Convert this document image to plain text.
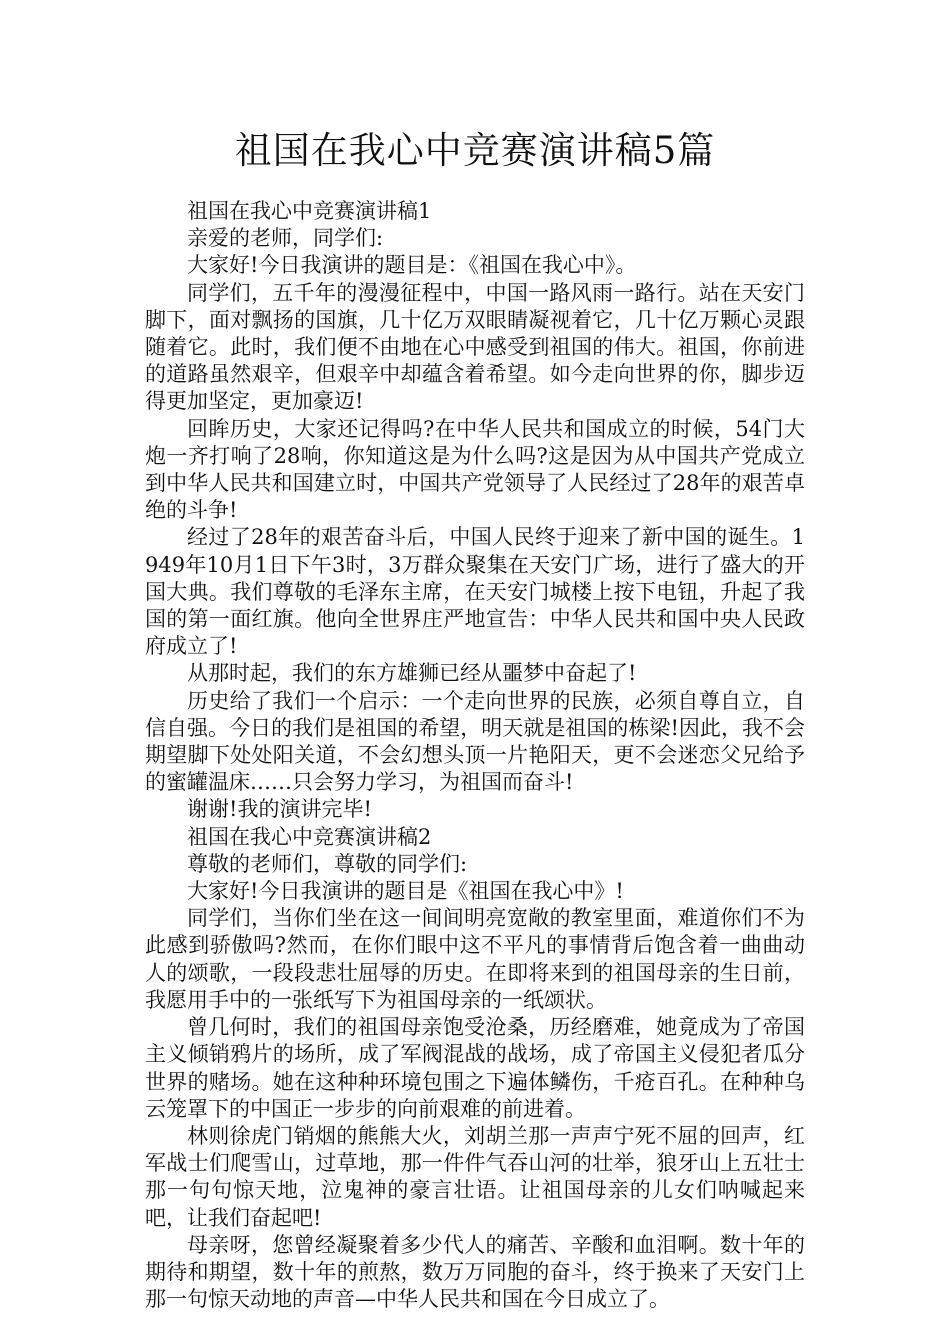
祖国在我心中竞赛演讲稿5篇

祖国在我心中竞赛演讲稿1

亲爱的老师，同学们:

大家好!今日我演讲的题目是：《祖国在我心中》。

同学们，五千年的漫漫征程中，中国一路风雨一路行。站在天安门脚下，面对飘扬的国旗，几十亿万双眼睛凝视着它，几十亿万颗心灵跟随着它。此时，我们便不由地在心中感受到祖国的伟大。祖国，你前进的道路虽然艰辛，但艰辛中却蕴含着希望。如今走向世界的你，脚步迈得更加坚定，更加豪迈!

回眸历史，大家还记得吗?在中华人民共和国成立的时候，54门大炮一齐打响了28响，你知道这是为什么吗?这是因为从中国共产党成立到中华人民共和国建立时，中国共产党领导了人民经过了28年的艰苦卓绝的斗争!

经过了28年的艰苦奋斗后，中国人民终于迎来了新中国的诞生。1949年10月1日下午3时，3万群众聚集在天安门广场，进行了盛大的开国大典。我们尊敬的毛泽东主席，在天安门城楼上按下电钮，升起了我国的第一面红旗。他向全世界庄严地宣告：中华人民共和国中央人民政府成立了!

从那时起，我们的东方雄狮已经从噩梦中奋起了!

历史给了我们一个启示：一个走向世界的民族，必须自尊自立，自信自强。今日的我们是祖国的希望，明天就是祖国的栋梁!因此，我不会期望脚下处处阳关道，不会幻想头顶一片艳阳天，更不会迷恋父兄给予的蜜罐温床……只会努力学习，为祖国而奋斗!

谢谢!我的演讲完毕!

祖国在我心中竞赛演讲稿2

尊敬的老师们，尊敬的同学们:

大家好!今日我演讲的题目是《祖国在我心中》!

同学们，当你们坐在这一间间明亮宽敞的教室里面，难道你们不为此感到骄傲吗?然而，在你们眼中这不平凡的事情背后饱含着一曲曲动人的颂歌，一段段悲壮屈辱的历史。在即将来到的祖国母亲的生日前，我愿用手中的一张纸写下为祖国母亲的一纸颂状。

曾几何时，我们的祖国母亲饱受沧桑，历经磨难，她竟成为了帝国主义倾销鸦片的场所，成了军阀混战的战场，成了帝国主义侵犯者瓜分世界的赌场。她在这种种环境包围之下遍体鳞伤，千疮百孔。在种种乌云笼罩下的中国正一步步的向前艰难的前进着。

林则徐虎门销烟的熊熊大火，刘胡兰那一声声宁死不屈的回声，红军战士们爬雪山，过草地，那一件件气吞山河的壮举，狼牙山上五壮士那一句句惊天地，泣鬼神的豪言壮语。让祖国母亲的儿女们呐喊起来吧，让我们奋起吧!

母亲呀，您曾经凝聚着多少代人的痛苦、辛酸和血泪啊。数十年的期待和期望，数十年的煎熬，数万万同胞的奋斗，终于换来了天安门上那一句惊天动地的声音—中华人民共和国在今日成立了。
